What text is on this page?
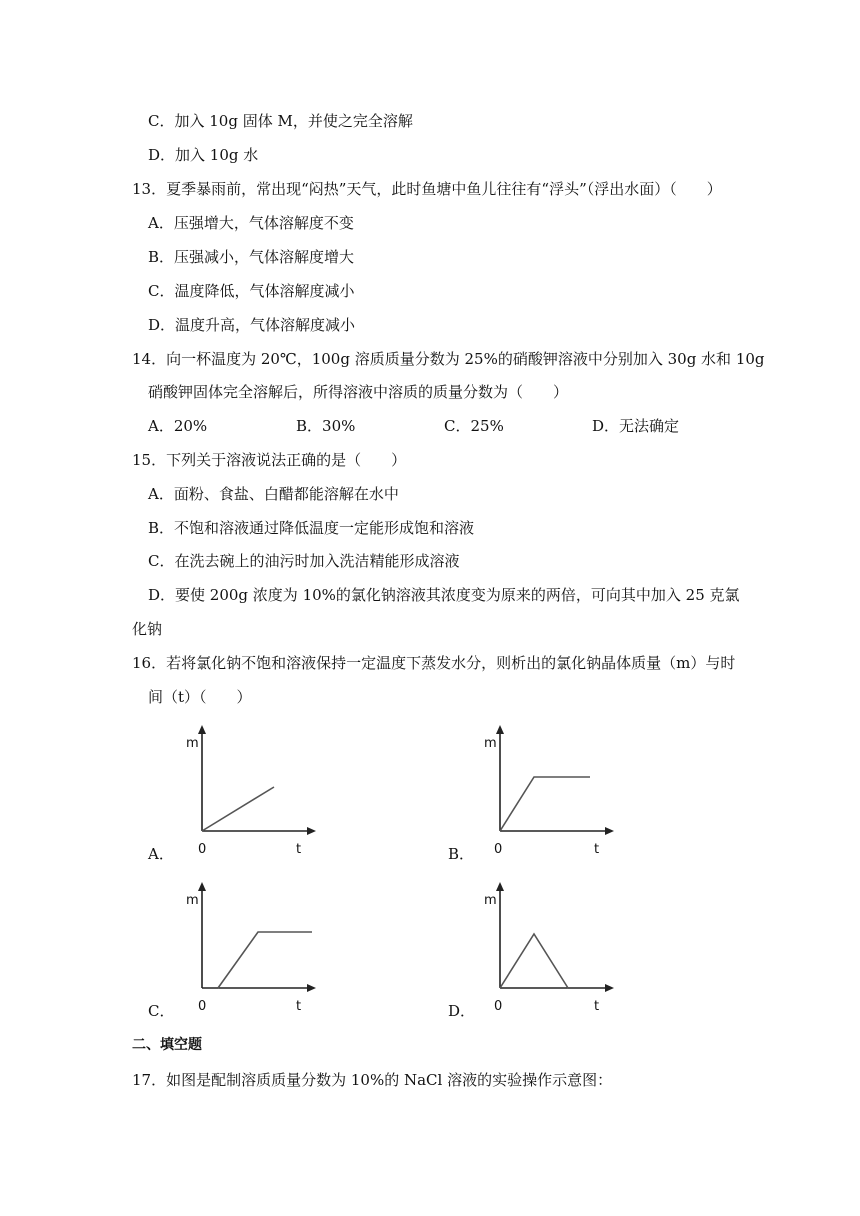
C．加入 10g 固体 M，并使之完全溶解
D．加入 10g 水
13．夏季暴雨前，常出现“闷热”天气，此时鱼塘中鱼儿往往有“浮头”（浮出水面）（　　）
A．压强增大，气体溶解度不变
B．压强减小，气体溶解度增大
C．温度降低，气体溶解度减小
D．温度升高，气体溶解度减小
14．向一杯温度为 20℃，100g 溶质质量分数为 25%的硝酸钾溶液中分别加入 30g 水和 10g
硝酸钾固体完全溶解后，所得溶液中溶质的质量分数为（　　）
A．20%	B．30%	C．25%	D．无法确定
15．下列关于溶液说法正确的是（　　）
A．面粉、食盐、白醋都能溶解在水中
B．不饱和溶液通过降低温度一定能形成饱和溶液
C．在洗去碗上的油污时加入洗洁精能形成溶液
D．要使 200g 浓度为 10%的氯化钠溶液其浓度变为原来的两倍，可向其中加入 25 克氯
化钠
16．若将氯化钠不饱和溶液保持一定温度下蒸发水分，则析出的氯化钠晶体质量（m）与时
间（t）（　　）
A．
m
0	t	B．
m
0	t
C．
m
0	t	D．
m
0	t
二、填空题
17．如图是配制溶质质量分数为 10%的 NaCl 溶液的实验操作示意图：
